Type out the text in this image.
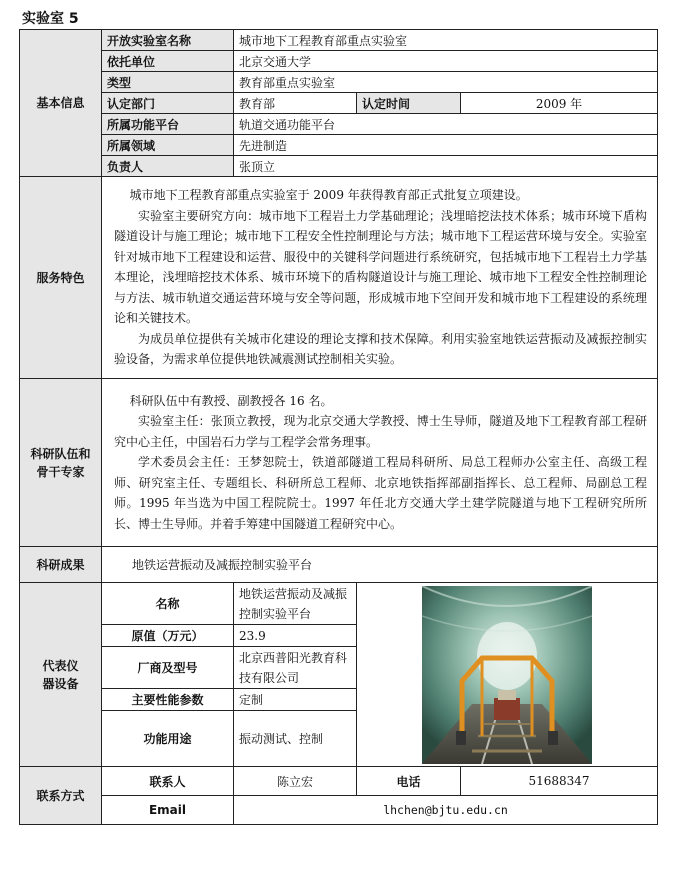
实验室 5
基本信息	开放实验室名称	城市地下工程教育部重点实验室		
	依托单位	北京交通大学		
	类型	教育部重点实验室		
	认定部门	教育部	认定时间	2009 年
	所属功能平台	轨道交通功能平台		
	所属领域	先进制造		
	负责人	张顶立		
服务特色	城市地下工程教育部重点实验室于 2009 年获得教育部正式批复立项建设。

实验室主要研究方向：城市地下工程岩土力学基础理论；浅埋暗挖法技术体系；城市环境下盾构隧道设计与施工理论；城市地下工程安全性控制理论与方法；城市地下工程运营环境与安全。实验室针对城市地下工程建设和运营、服役中的关键科学问题进行系统研究，包括城市地下工程岩土力学基本理论，浅埋暗挖技术体系、城市环境下的盾构隧道设计与施工理论、城市地下工程安全性控制理论与方法、城市轨道交通运营环境与安全等问题，形成城市地下空间开发和城市地下工程建设的系统理论和关键技术。

为成员单位提供有关城市化建设的理论支撑和技术保障。利用实验室地铁运营振动及减振控制实验设备，为需求单位提供地铁减震测试控制相关实验。			

科研队伍和骨干专家	科研队伍中有教授、副教授各 16 名。

实验室主任：张顶立教授，现为北京交通大学教授、博士生导师，隧道及地下工程教育部工程研究中心主任，中国岩石力学与工程学会常务理事。

学术委员会主任：王梦恕院士，铁道部隧道工程局科研所、局总工程师办公室主任、高级工程师、研究室主任、专题组长、科研所总工程师、北京地铁指挥部副指挥长、总工程师、局副总工程师。1995 年当选为中国工程院院士。1997 年任北方交通大学土建学院隧道与地下工程研究所所长、博士生导师。并着手筹建中国隧道工程研究中心。			

科研成果	地铁运营振动及减振控制实验平台			

代表仪器设备	名称	地铁运营振动及减振控制实验平台	

	原值（万元）	23.9		
	厂商及型号	北京西普阳光教育科技有限公司		
	主要性能参数	定制		
	功能用途	振动测试、控制		
联系方式	联系人	陈立宏	电话	51688347
	Email	lhchen@bjtu.edu.cn		
